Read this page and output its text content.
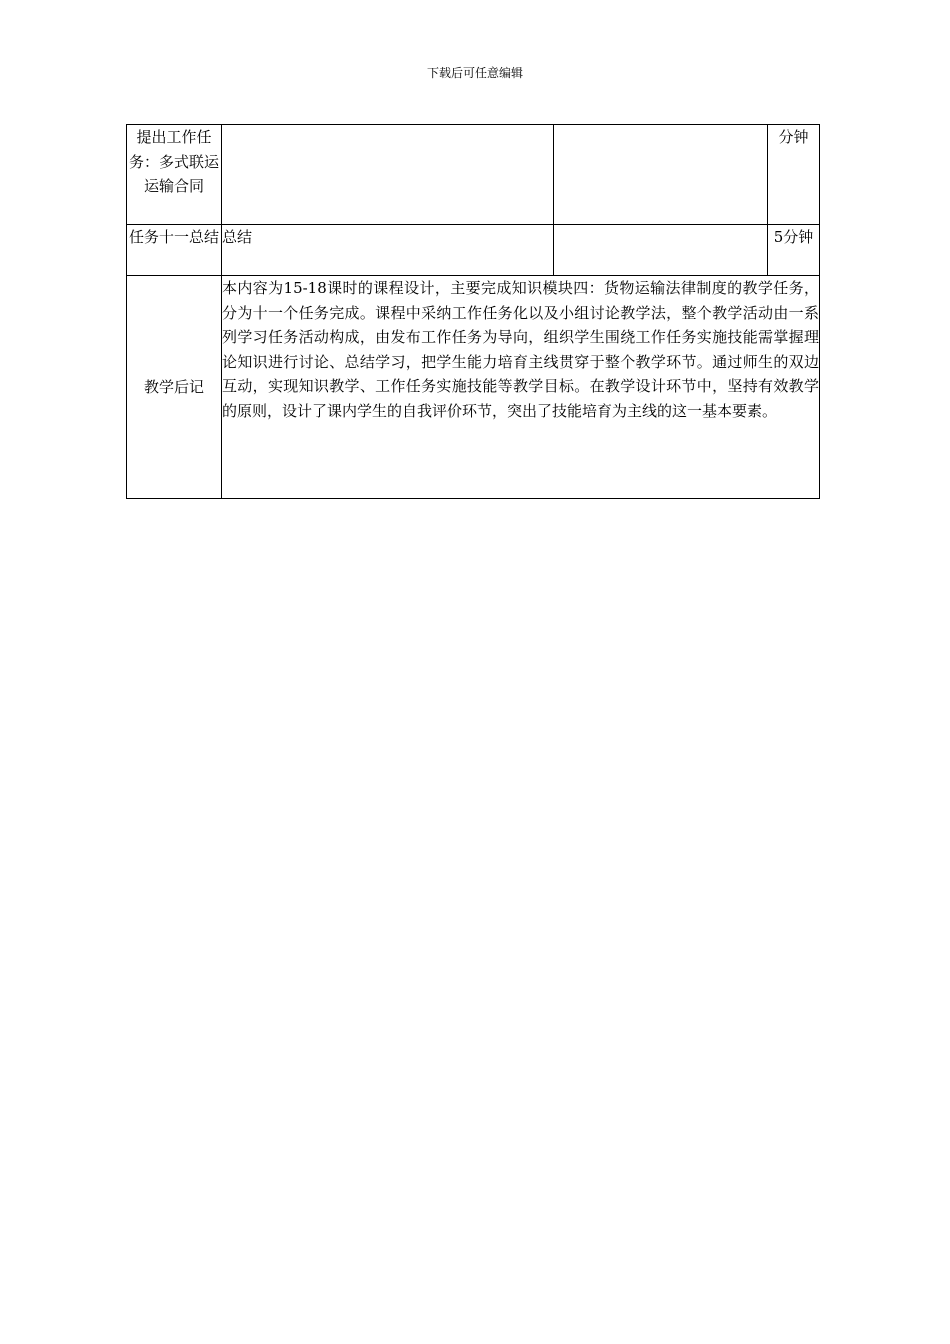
下载后可任意编辑
提出工作任务：多式联运运输合同			分钟
任务十一总结	总结		5分钟
教学后记	本内容为15-18课时的课程设计，主要完成知识模块四：货物运输法律制度的教学任务，分为十一个任务完成。课程中采纳工作任务化以及小组讨论教学法，整个教学活动由一系列学习任务活动构成，由发布工作任务为导向，组织学生围绕工作任务实施技能需掌握理论知识进行讨论、总结学习，把学生能力培育主线贯穿于整个教学环节。通过师生的双边互动，实现知识教学、工作任务实施技能等教学目标。在教学设计环节中，坚持有效教学的原则，设计了课内学生的自我评价环节，突出了技能培育为主线的这一基本要素。		
